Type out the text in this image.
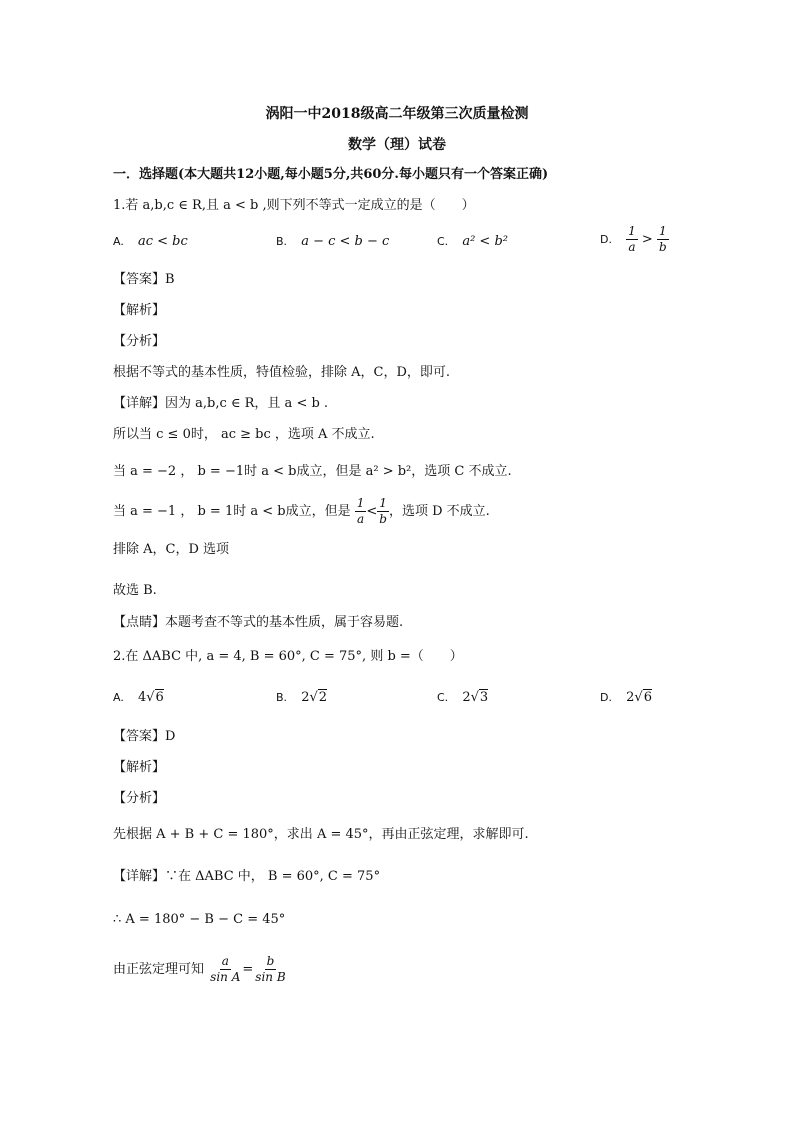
涡阳一中2018级高二年级第三次质量检测
数学（理）试卷
一．选择题(本大题共12小题,每小题5分,共60分.每小题只有一个答案正确)
1.若 a,b,c ∈ R,且 a < b ,则下列不等式一定成立的是（　　）
A. ac < bc	B. a − c < b − c	C. a² < b²	D. $\frac{1}{a} > \frac{1}{b}$
【答案】B
【解析】
【分析】
根据不等式的基本性质，特值检验，排除 A，C，D，即可.
【详解】因为 a,b,c ∈ R，且 a < b .
所以当 c ≤ 0时， ac ≥ bc ，选项 A 不成立.
当 a = −2 ， b = −1时 a < b成立，但是 a² > b²，选项 C 不成立.
当 a = −1 ， b = 1时 a < b成立，但是 $\frac{1}{a} < \frac{1}{b}$ ，选项 D 不成立.
排除 A，C，D 选项
故选 B.
【点睛】本题考查不等式的基本性质，属于容易题.
2.在 ΔABC 中, a = 4, B = 60°, C = 75°, 则 b =（　　）
A. 4√6	B. 2√2	C. 2√3	D. 2√6
【答案】D
【解析】
【分析】
先根据 A + B + C = 180°，求出 A = 45°，再由正弦定理，求解即可.
【详解】∵在 ΔABC 中， B = 60°, C = 75°
∴ A = 180° − B − C = 45°
由正弦定理可知 $\frac{a}{\text{sin A}} = \frac{b}{\text{sin B}}$
